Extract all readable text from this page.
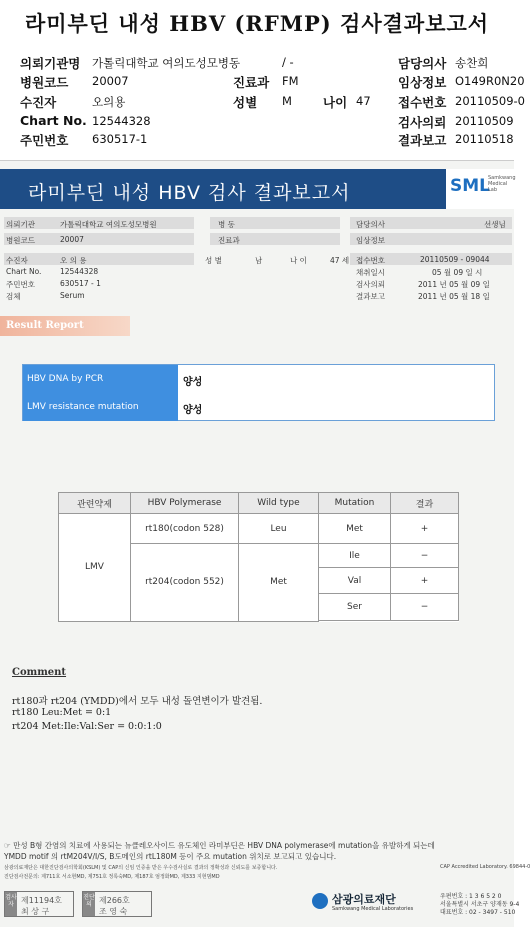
라미부딘 내성 HBV (RFMP) 검사결과보고서
의뢰기관명 가톨릭대학교 여의도성모병동	/ -	담당의사 송찬희
병원코드 20007	진료과 FM	임상정보 O149R0N20
수진자	오의용	성별 M 나이 47 접수번호 20110509-0
Chart No. 12544328	검사의뢰 20110509
주민번호 630517-1	결과보고 20110518
라미부딘 내성 HBV 검사 결과보고서	SML
Samkwang Medical Lab
의뢰기관	가톨릭대학교 여의도성모병원	병 동	담당의사	선생님
병원코드	20007	진료과	임상정보
수진자	오 의 용	성 별	남	나 이	47 세 접수번호	20110509 - 09044
Chart No. 12544328	채취일시	05 월 09 일 시
주민번호	630517 - 1	검사의뢰	2011 년 05 월 09 일
검체	Serum	결과보고	2011 년 05 월 18 일
Result Report
HBV DNA by PCR	양성
LMV resistance mutation	양성
관련약제	HBV Polymerase	Wild type	Mutation	결과
LMV	rt180(codon 528)	Leu	Met	+
	rt204(codon 552)	Met	Ile	−
			Val	+
			Ser	−

Comment
rt180과 rt204 (YMDD)에서 모두 내성 돌연변이가 발견됨.
rt180 Leu:Met = 0:1
rt204 Met:Ile:Val:Ser = 0:0:1:0
☞ 만성 B형 간염의 치료에 사용되는 뉴클레오사이드 유도체인 라미부딘은 HBV DNA polymerase에 mutation을 유발하게 되는데
YMDD motif 의 rtM204V/I/S, B도메인의 rtL180M 등이 주요 mutation 위치로 보고되고 있습니다.
삼광의료재단은 대한진단검사의학회(KSLM) 및 CAP의 신임 인증을 받은 우수검사실로 결과의 정확성과 신뢰도를 보증합니다.	CAP Accredited Laboratory. 69844-0
진단검사전문의: 제711호 서소현MD, 제751호 정록숙MD, 제187호 엄정화MD, 제333 지현범MD
검사자 제11194호
최 상 구
진단의 제266호
조 영 숙
삼광의료재단
Samkwang Medical Laboratories
우편번호 : 1 3 6 5 2 0
서울특별시 서초구 양재동 9-4
대표번호 : 02 - 3497 - 510
